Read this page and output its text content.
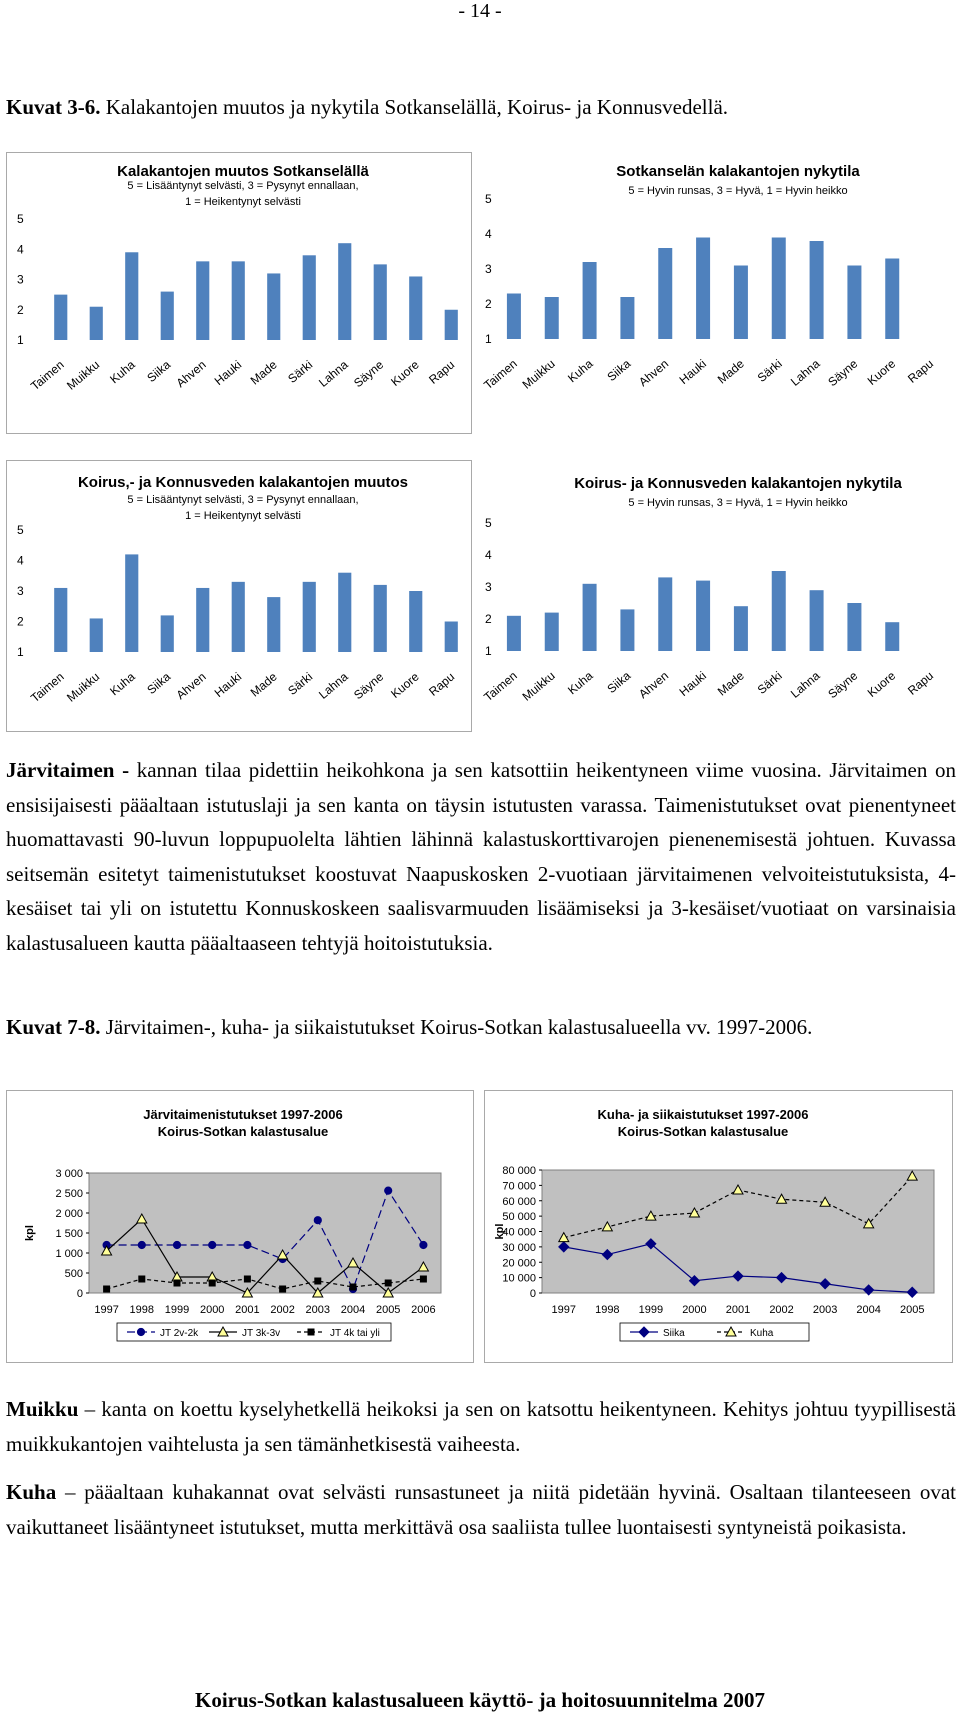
- 14 -
Kuvat 3-6. Kalakantojen muutos ja nykytila Sotkanselällä, Koirus- ja Konnusvedellä.
Kalakantojen muutos Sotkanselällä
5 = Lisääntynyt selvästi, 3 = Pysynyt ennallaan,
1 = Heikentynyt selvästi
5
4
3
2
1
Taimen
Muikku Kuha Siika Ahven Hauki Made Särki Lahna Säyne Kuore Rapu
Sotkanselän kalakantojen nykytila
5 = Hyvin runsas, 3 = Hyvä, 1 = Hyvin heikko
5
4
3
2
1
Taimen Muikku Kuha Siika Ahven Hauki Made Särki Lahna Säyne Kuore Rapu
Koirus,- ja Konnusveden kalakantojen muutos
5 = Lisääntynyt selvästi, 3 = Pysynyt ennallaan,
1 = Heikentynyt selvästi
5
4
3
2
1
Taimen
Muikku Kuha Siika Ahven Hauki Made Särki Lahna Säyne Kuore Rapu
Koirus- ja Konnusveden kalakantojen nykytila
5 = Hyvin runsas, 3 = Hyvä, 1 = Hyvin heikko
5
4
3
2
1
Taimen Muikku Kuha Siika Ahven Hauki Made Särki Lahna Säyne Kuore Rapu
Järvitaimen - kannan tilaa pidettiin heikohkona ja sen katsottiin heikentyneen viime vuosina. Järvitaimen on ensisijaisesti pääaltaan istutuslaji ja sen kanta on täysin istutusten varassa. Taimenistutukset ovat pienentyneet huomattavasti 90-luvun loppupuolelta lähtien lähinnä kalastuskorttivarojen pienenemisestä johtuen. Kuvassa seitsemän esitetyt taimenistutukset koostuvat Naapuskosken 2-vuotiaan järvitaimenen velvoiteistutuksista, 4-kesäiset tai yli on istutettu Konnuskoskeen saalisvarmuuden lisäämiseksi ja 3-kesäiset/vuotiaat on varsinaisia kalastusalueen kautta pääaltaaseen tehtyjä hoitoistutuksia.
Kuvat 7-8. Järvitaimen-, kuha- ja siikaistutukset Koirus-Sotkan kalastusalueella vv. 1997-2006.
Järvitaimenistutukset 1997-2006
Koirus-Sotkan kalastusalue
3 000
2 500
2 000
1 500
1 000
500
0
kpl
1997 1998 1999 2000 2001 2002 2003 2004 2005 2006
JT 2v-2k	JT 3k-3v	JT 4k tai yli
Kuha- ja siikaistutukset 1997-2006
Koirus-Sotkan kalastusalue
80 000
70 000
60 000
50 000
40 000
30 000
20 000
10 000
0
kpl
1997 1998 1999 2000 2001 2002 2003 2004 2005
Siika	Kuha
Muikku – kanta on koettu kyselyhetkellä heikoksi ja sen on katsottu heikentyneen. Kehitys johtuu tyypillisestä muikkukantojen vaihtelusta ja sen tämänhetkisestä vaiheesta.
Kuha – pääaltaan kuhakannat ovat selvästi runsastuneet ja niitä pidetään hyvinä. Osaltaan tilanteeseen ovat vaikuttaneet lisääntyneet istutukset, mutta merkittävä osa saaliista tullee luontaisesti syntyneistä poikasista.
Koirus-Sotkan kalastusalueen käyttö- ja hoitosuunnitelma 2007
